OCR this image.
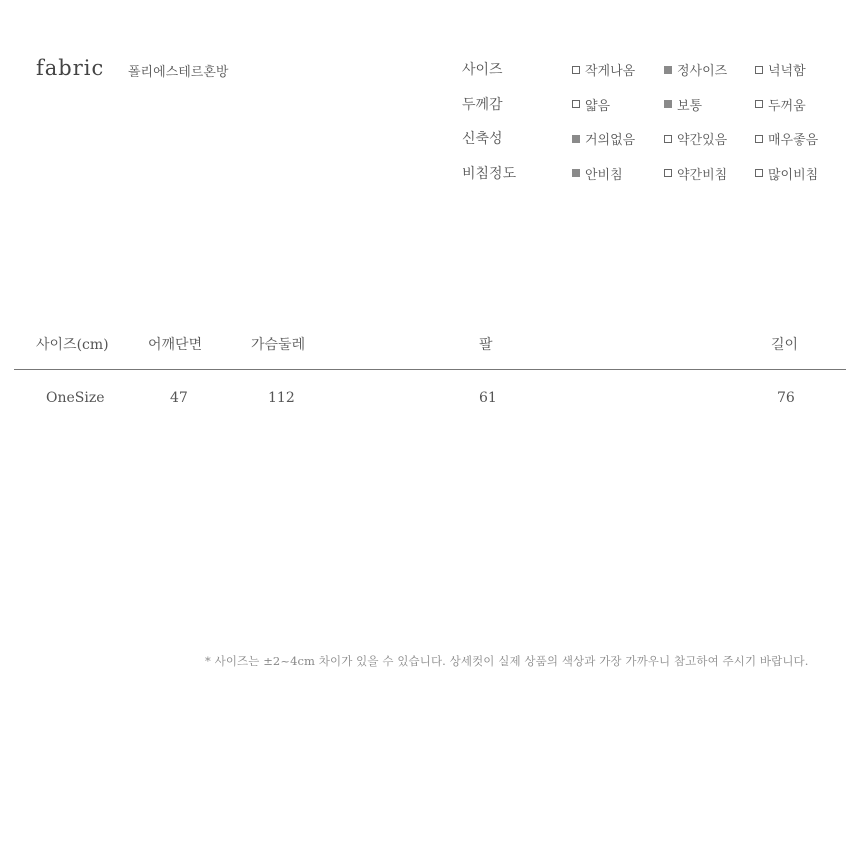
fabric 폴리에스테르혼방	사이즈	작게나옴	정사이즈	넉넉함
두께감	얇음	보통	두꺼움
신축성	거의없음	약간있음	매우좋음
비침정도	안비침	약간비침	많이비침
사이즈(cm)	어깨단면	가슴둘레	팔	길이
OneSize	47	112	61	76
* 사이즈는 ±2~4cm 차이가 있을 수 있습니다. 상세컷이 실제 상품의 색상과 가장 가까우니 참고하여 주시기 바랍니다.
